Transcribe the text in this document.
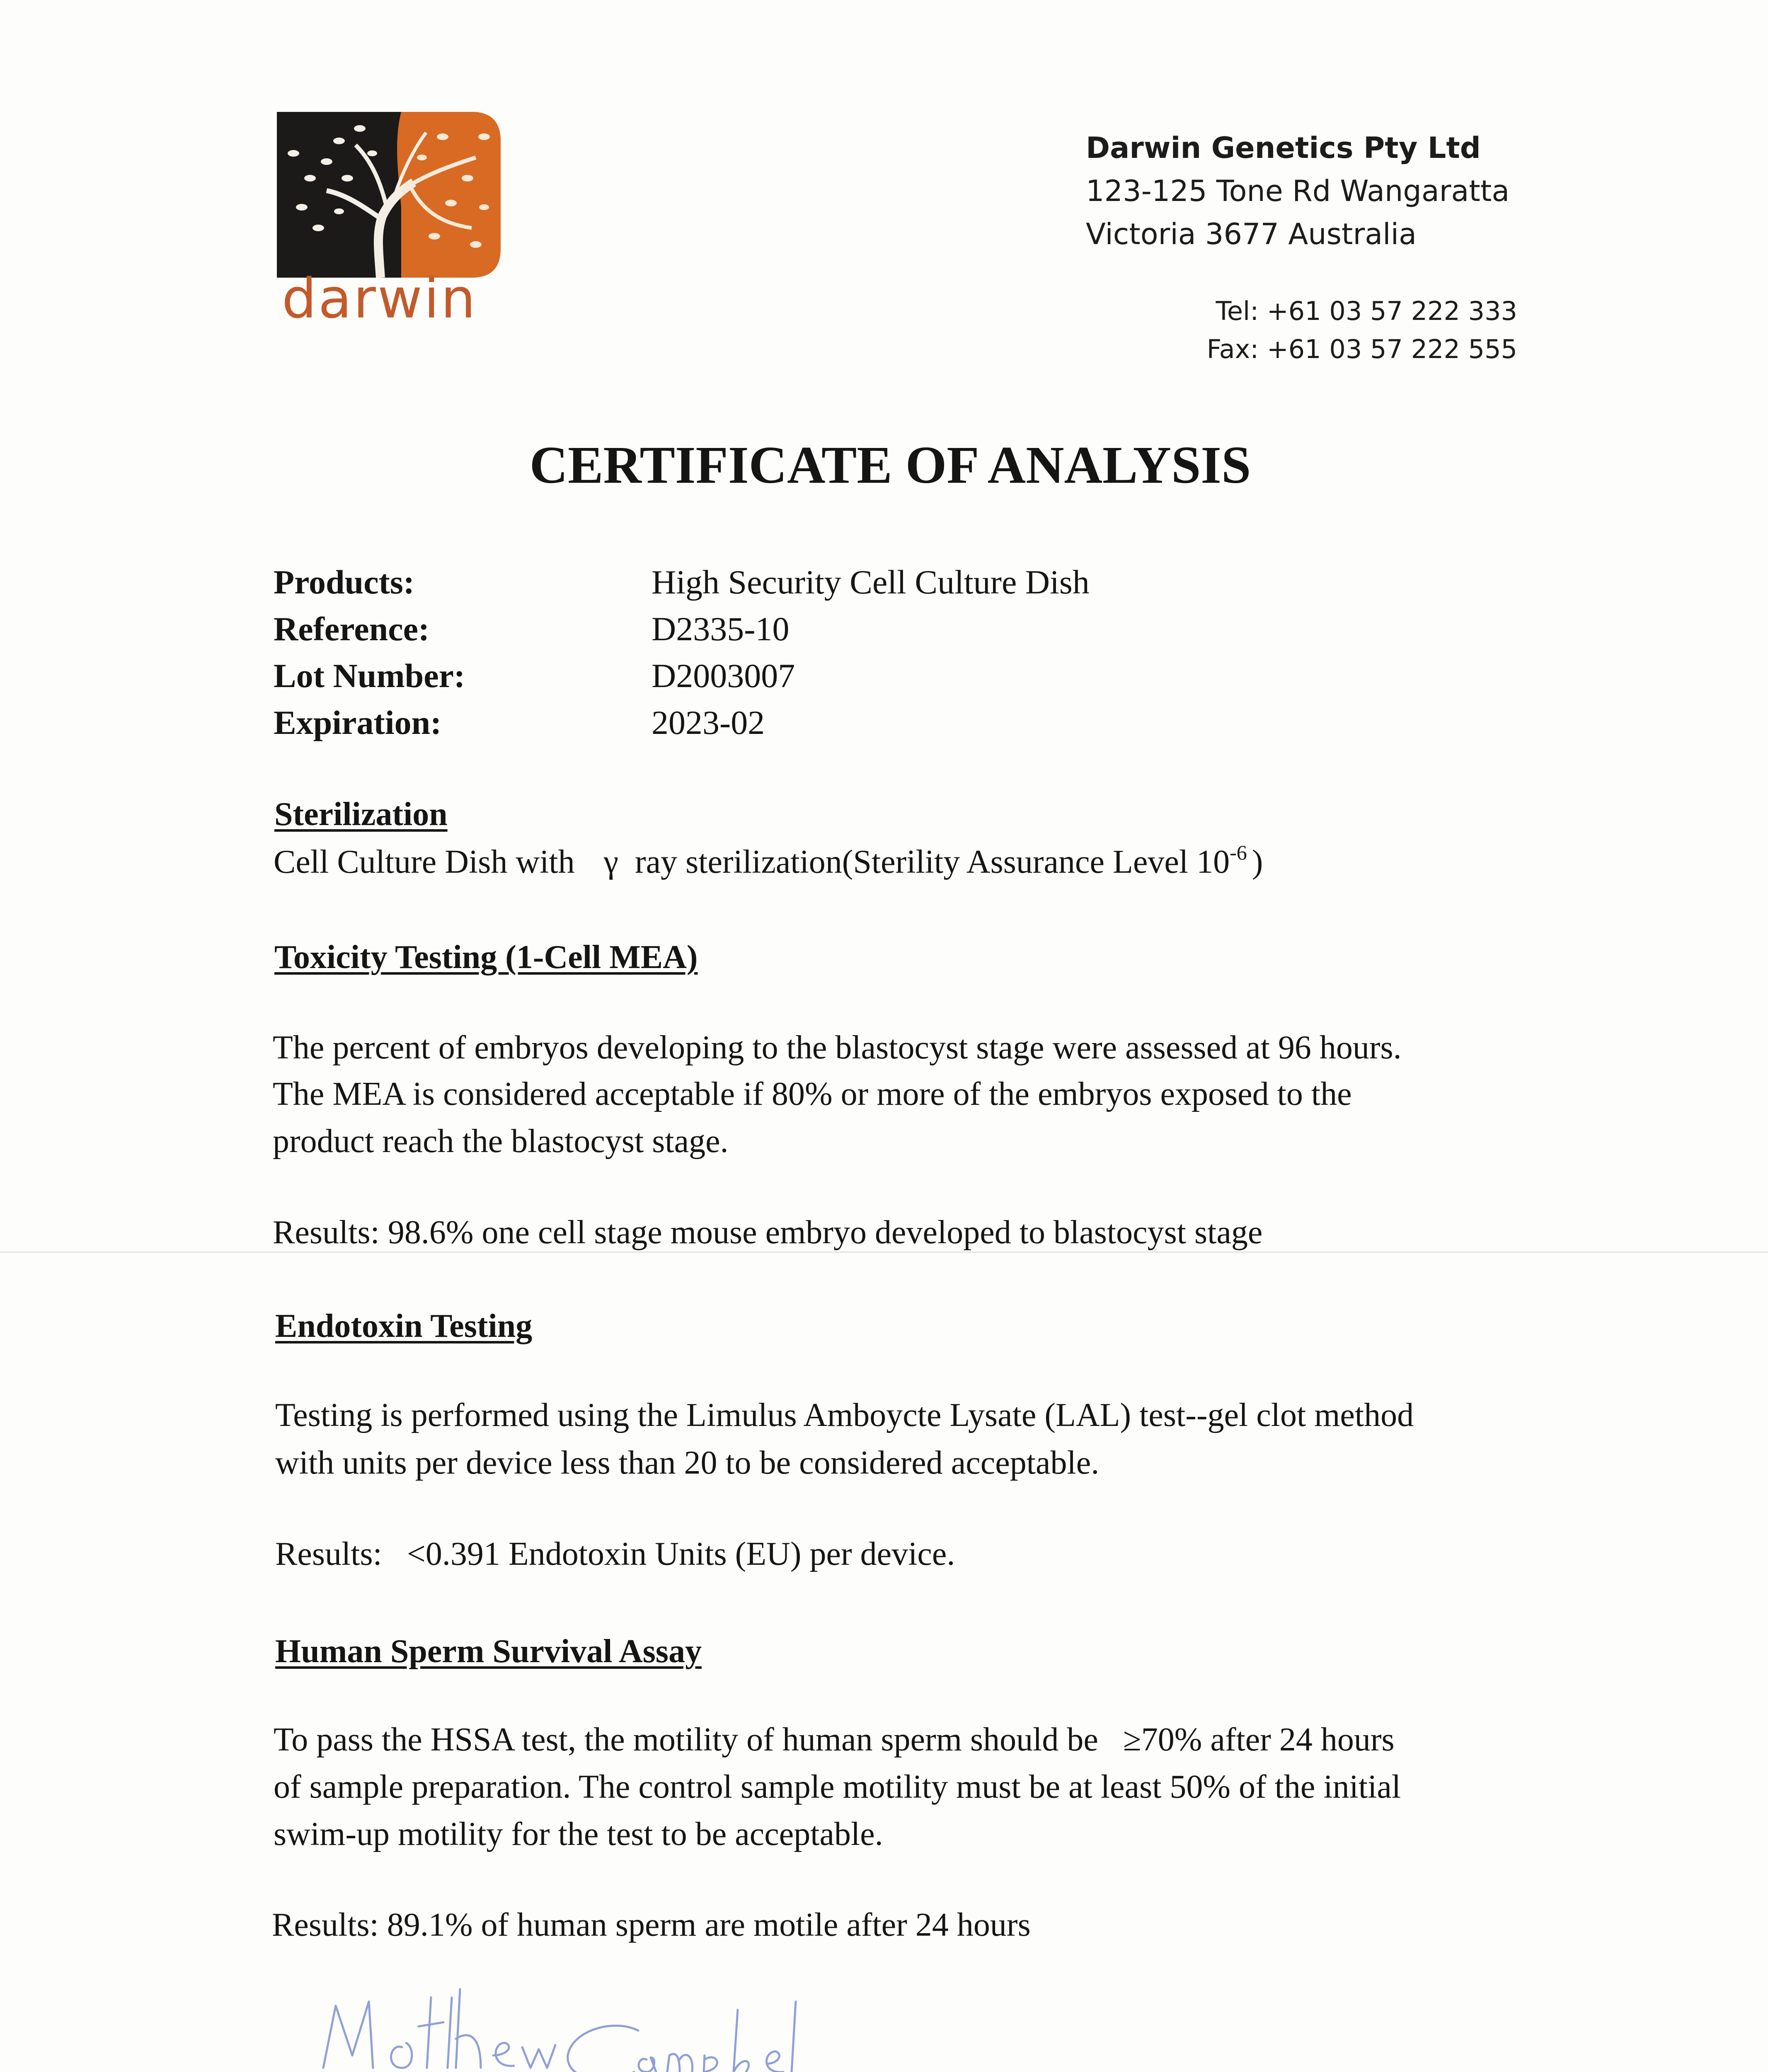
darwin
Darwin Genetics Pty Ltd
123-125 Tone Rd Wangaratta
Victoria 3677 Australia
Tel: +61 03 57 222 333
Fax: +61 03 57 222 555
CERTIFICATE OF ANALYSIS
Products:	High Security Cell Culture Dish
Reference:	D2335-10
Lot Number:	D2003007
Expiration:	2023-02
Sterilization
Cell Culture Dish with γ ray sterilization(Sterility Assurance Level $10^{-6}$ )
Toxicity Testing (1-Cell MEA)
The percent of embryos developing to the blastocyst stage were assessed at 96 hours.
The MEA is considered acceptable if 80% or more of the embryos exposed to the
product reach the blastocyst stage.
Results: 98.6% one cell stage mouse embryo developed to blastocyst stage
Endotoxin Testing
Testing is performed using the Limulus Amboycte Lysate (LAL) test--gel clot method
with units per device less than 20 to be considered acceptable.
Results: <0.391 Endotoxin Units (EU) per device.
Human Sperm Survival Assay
To pass the HSSA test, the motility of human sperm should be ≥70% after 24 hours
of sample preparation. The control sample motility must be at least 50% of the initial
swim-up motility for the test to be acceptable.
Results: 89.1% of human sperm are motile after 24 hours
